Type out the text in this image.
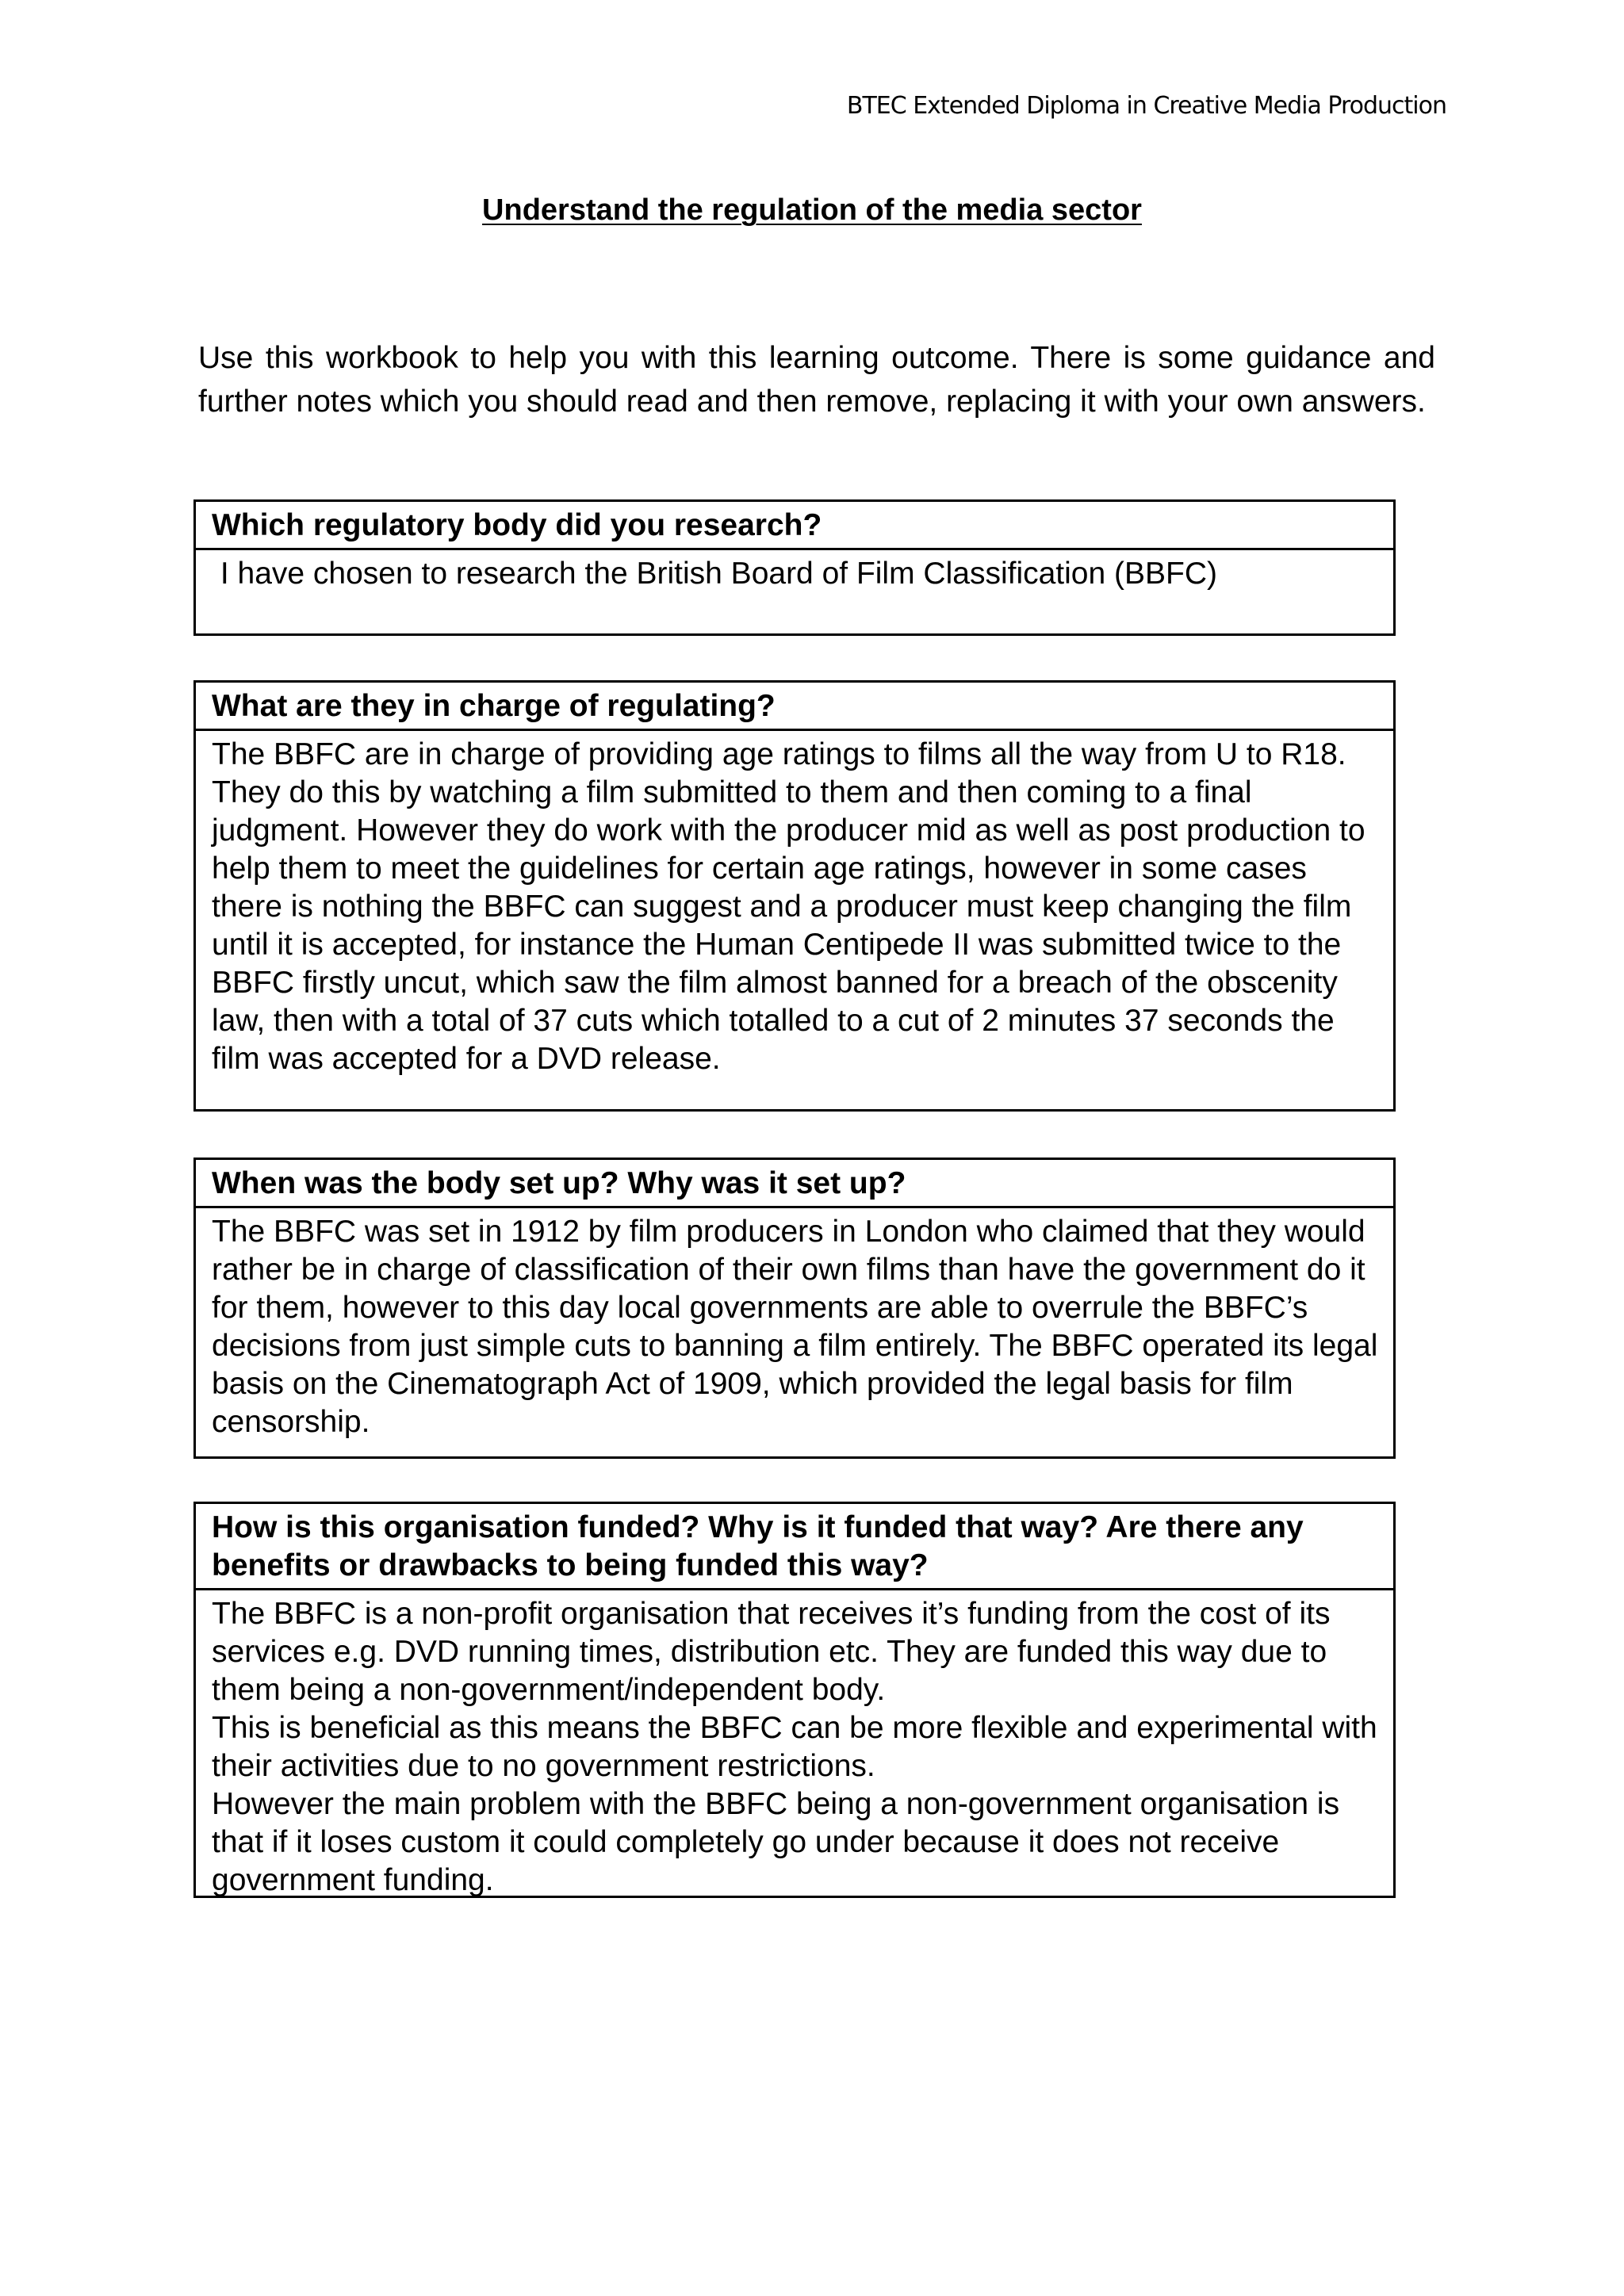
BTEC Extended Diploma in Creative Media Production
Understand the regulation of the media sector
Use this workbook to help you with this learning outcome. There is some guidance and further notes which you should read and then remove, replacing it with your own answers.
Which regulatory body did you research?

I have chosen to research the British Board of Film Classification (BBFC)

What are they in charge of regulating?

The BBFC are in charge of providing age ratings to films all the way from U to R18.

They do this by watching a film submitted to them and then coming to a final judgment. However they do work with the producer mid as well as post production to help them to meet the guidelines for certain age ratings, however in some cases there is nothing the BBFC can suggest and a producer must keep changing the film until it is accepted, for instance the Human Centipede II was submitted twice to the BBFC firstly uncut, which saw the film almost banned for a breach of the obscenity law, then with a total of 37 cuts which totalled to a cut of 2 minutes 37 seconds the film was accepted for a DVD release.

When was the body set up? Why was it set up?

The BBFC was set in 1912 by film producers in London who claimed that they would rather be in charge of classification of their own films than have the government do it for them, however to this day local governments are able to overrule the BBFC’s decisions from just simple cuts to banning a film entirely. The BBFC operated its legal basis on the Cinematograph Act of 1909, which provided the legal basis for film censorship.

How is this organisation funded? Why is it funded that way? Are there any benefits or drawbacks to being funded this way?

The BBFC is a non-profit organisation that receives it’s funding from the cost of its services e.g. DVD running times, distribution etc. They are funded this way due to them being a non-government/independent body.

This is beneficial as this means the BBFC can be more flexible and experimental with their activities due to no government restrictions.

However the main problem with the BBFC being a non-government organisation is that if it loses custom it could completely go under because it does not receive government funding.
